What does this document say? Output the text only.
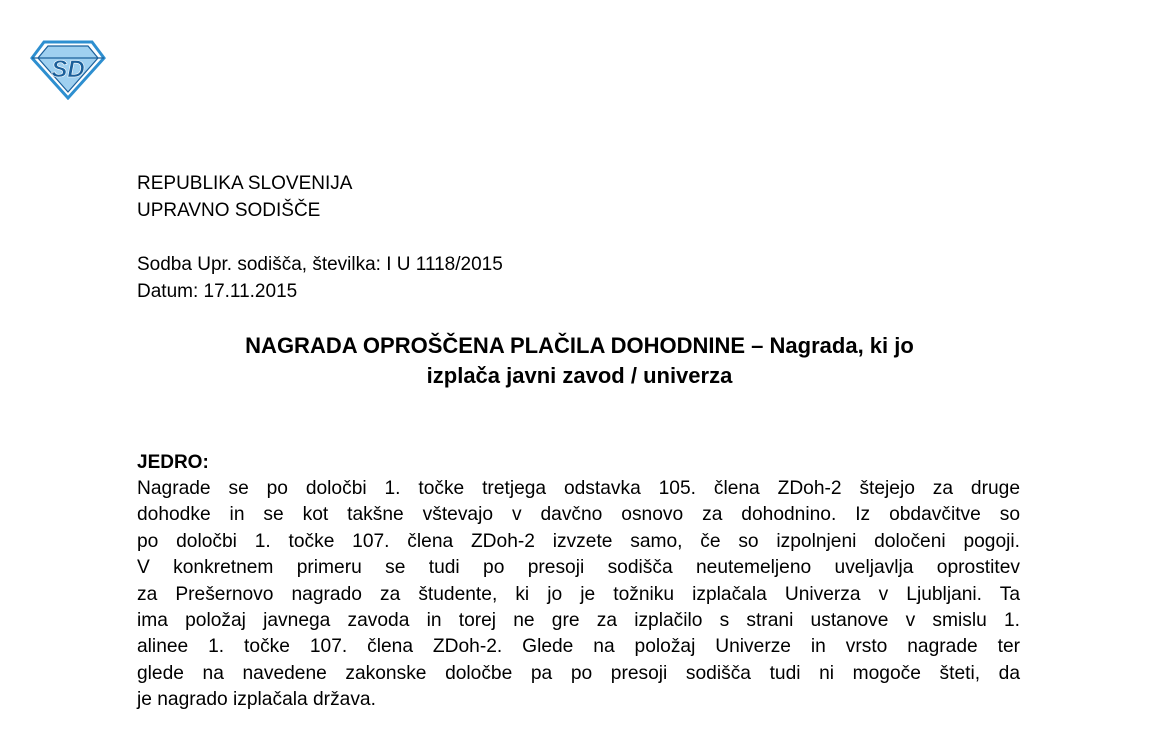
SD
REPUBLIKA SLOVENIJA
UPRAVNO SODIŠČE
Sodba Upr. sodišča, številka: I U 1118/2015
Datum: 17.11.2015
NAGRADA OPROŠČENA PLAČILA DOHODNINE – Nagrada, ki jo
izplača javni zavod / univerza
JEDRO:
Nagrade se po določbi 1. točke tretjega odstavka 105. člena ZDoh-2 štejejo za druge
dohodke in se kot takšne vštevajo v davčno osnovo za dohodnino. Iz obdavčitve so
po določbi 1. točke 107. člena ZDoh-2 izvzete samo, če so izpolnjeni določeni pogoji.
V konkretnem primeru se tudi po presoji sodišča neutemeljeno uveljavlja oprostitev
za Prešernovo nagrado za študente, ki jo je tožniku izplačala Univerza v Ljubljani. Ta
ima položaj javnega zavoda in torej ne gre za izplačilo s strani ustanove v smislu 1.
alinee 1. točke 107. člena ZDoh-2. Glede na položaj Univerze in vrsto nagrade ter
glede na navedene zakonske določbe pa po presoji sodišča tudi ni mogoče šteti, da
je nagrado izplačala država.
